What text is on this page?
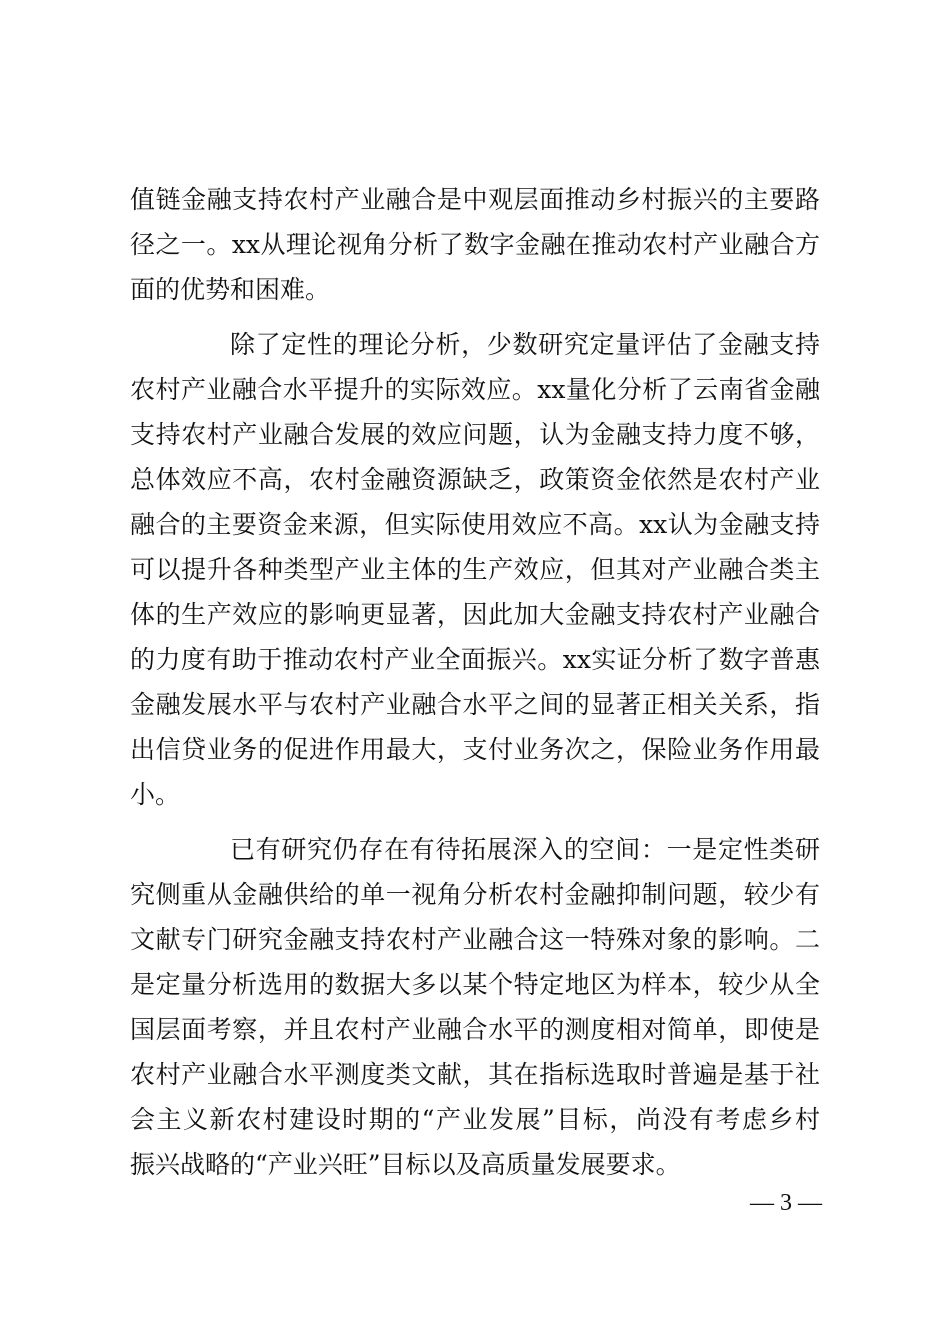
值链金融支持农村产业融合是中观层面推动乡村振兴的主要路
径之一。xx从理论视角分析了数字金融在推动农村产业融合方
面的优势和困难。
除了定性的理论分析，少数研究定量评估了金融支持
农村产业融合水平提升的实际效应。xx量化分析了云南省金融
支持农村产业融合发展的效应问题，认为金融支持力度不够，
总体效应不高，农村金融资源缺乏，政策资金依然是农村产业
融合的主要资金来源，但实际使用效应不高。xx认为金融支持
可以提升各种类型产业主体的生产效应，但其对产业融合类主
体的生产效应的影响更显著，因此加大金融支持农村产业融合
的力度有助于推动农村产业全面振兴。xx实证分析了数字普惠
金融发展水平与农村产业融合水平之间的显著正相关关系，指
出信贷业务的促进作用最大，支付业务次之，保险业务作用最
小。
已有研究仍存在有待拓展深入的空间：一是定性类研
究侧重从金融供给的单一视角分析农村金融抑制问题，较少有
文献专门研究金融支持农村产业融合这一特殊对象的影响。二
是定量分析选用的数据大多以某个特定地区为样本，较少从全
国层面考察，并且农村产业融合水平的测度相对简单，即使是
农村产业融合水平测度类文献，其在指标选取时普遍是基于社
会主义新农村建设时期的“产业发展”目标，尚没有考虑乡村
振兴战略的“产业兴旺”目标以及高质量发展要求。
— 3 —
